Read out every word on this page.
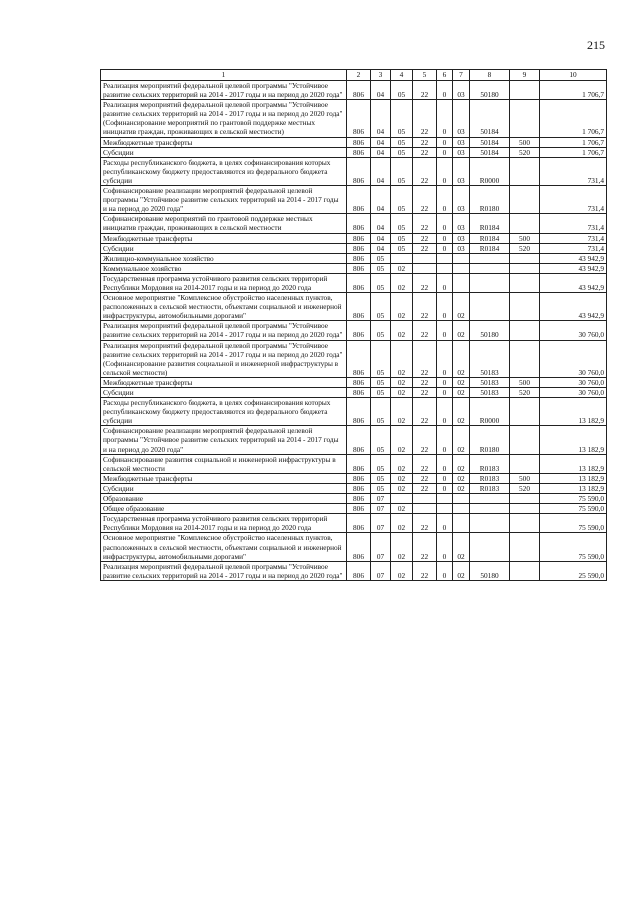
215
1	2	3	4	5	6	7	8	9	10
Реализация мероприятий федеральной целевой программы "Устойчивое развитие сельских территорий на 2014 - 2017 годы и на период до 2020 года"	806	04	05	22	0	03	50180		1 706,7
Реализация мероприятий федеральной целевой программы "Устойчивое развитие сельских территорий на 2014 - 2017 годы и на период до 2020 года" (Софинансирование мероприятий по грантовой поддержке местных инициатив граждан, проживающих в сельской местности)	806	04	05	22	0	03	50184		1 706,7
Межбюджетные трансферты	806	04	05	22	0	03	50184	500	1 706,7
Субсидии	806	04	05	22	0	03	50184	520	1 706,7
Расходы республиканского бюджета, в целях софинансирования которых республиканскому бюджету предоставляются из федерального бюджета субсидии	806	04	05	22	0	03	R0000		731,4
Софинансирование реализации мероприятий федеральной целевой программы "Устойчивое развитие сельских территорий на 2014 - 2017 годы и на период до 2020 года"	806	04	05	22	0	03	R0180		731,4
Софинансирование мероприятий по грантовой поддержке местных инициатив граждан, проживающих в сельской местности	806	04	05	22	0	03	R0184		731,4
Межбюджетные трансферты	806	04	05	22	0	03	R0184	500	731,4
Субсидии	806	04	05	22	0	03	R0184	520	731,4
Жилищно-коммунальное хозяйство	806	05							43 942,9
Коммунальное хозяйство	806	05	02						43 942,9
Государственная программа устойчивого развития сельских территорий Республики Мордовия на 2014-2017 годы и на период до 2020 года	806	05	02	22	0				43 942,9
Основное мероприятие "Комплексное обустройство населенных пунктов, расположенных в сельской местности, объектами социальной и инженерной инфраструктуры, автомобильными дорогами"	806	05	02	22	0	02			43 942,9
Реализация мероприятий федеральной целевой программы "Устойчивое развитие сельских территорий на 2014 - 2017 годы и на период до 2020 года"	806	05	02	22	0	02	50180		30 760,0
Реализация мероприятий федеральной целевой программы "Устойчивое развитие сельских территорий на 2014 - 2017 годы и на период до 2020 года" (Софинансирование развития социальной и инженерной инфраструктуры в сельской местности)	806	05	02	22	0	02	50183		30 760,0
Межбюджетные трансферты	806	05	02	22	0	02	50183	500	30 760,0
Субсидии	806	05	02	22	0	02	50183	520	30 760,0
Расходы республиканского бюджета, в целях софинансирования которых республиканскому бюджету предоставляются из федерального бюджета субсидии	806	05	02	22	0	02	R0000		13 182,9
Софинансирование реализации мероприятий федеральной целевой программы "Устойчивое развитие сельских территорий на 2014 - 2017 годы и на период до 2020 года"	806	05	02	22	0	02	R0180		13 182,9
Софинансирование развития социальной и инженерной инфраструктуры в сельской местности	806	05	02	22	0	02	R0183		13 182,9
Межбюджетные трансферты	806	05	02	22	0	02	R0183	500	13 182,9
Субсидии	806	05	02	22	0	02	R0183	520	13 182,9
Образование	806	07							75 590,0
Общее образование	806	07	02						75 590,0
Государственная программа устойчивого развития сельских территорий Республики Мордовия на 2014-2017 годы и на период до 2020 года	806	07	02	22	0				75 590,0
Основное мероприятие "Комплексное обустройство населенных пунктов, расположенных в сельской местности, объектами социальной и инженерной инфраструктуры, автомобильными дорогами"	806	07	02	22	0	02			75 590,0
Реализация мероприятий федеральной целевой программы "Устойчивое развитие сельских территорий на 2014 - 2017 годы и на период до 2020 года"	806	07	02	22	0	02	50180		25 590,0
